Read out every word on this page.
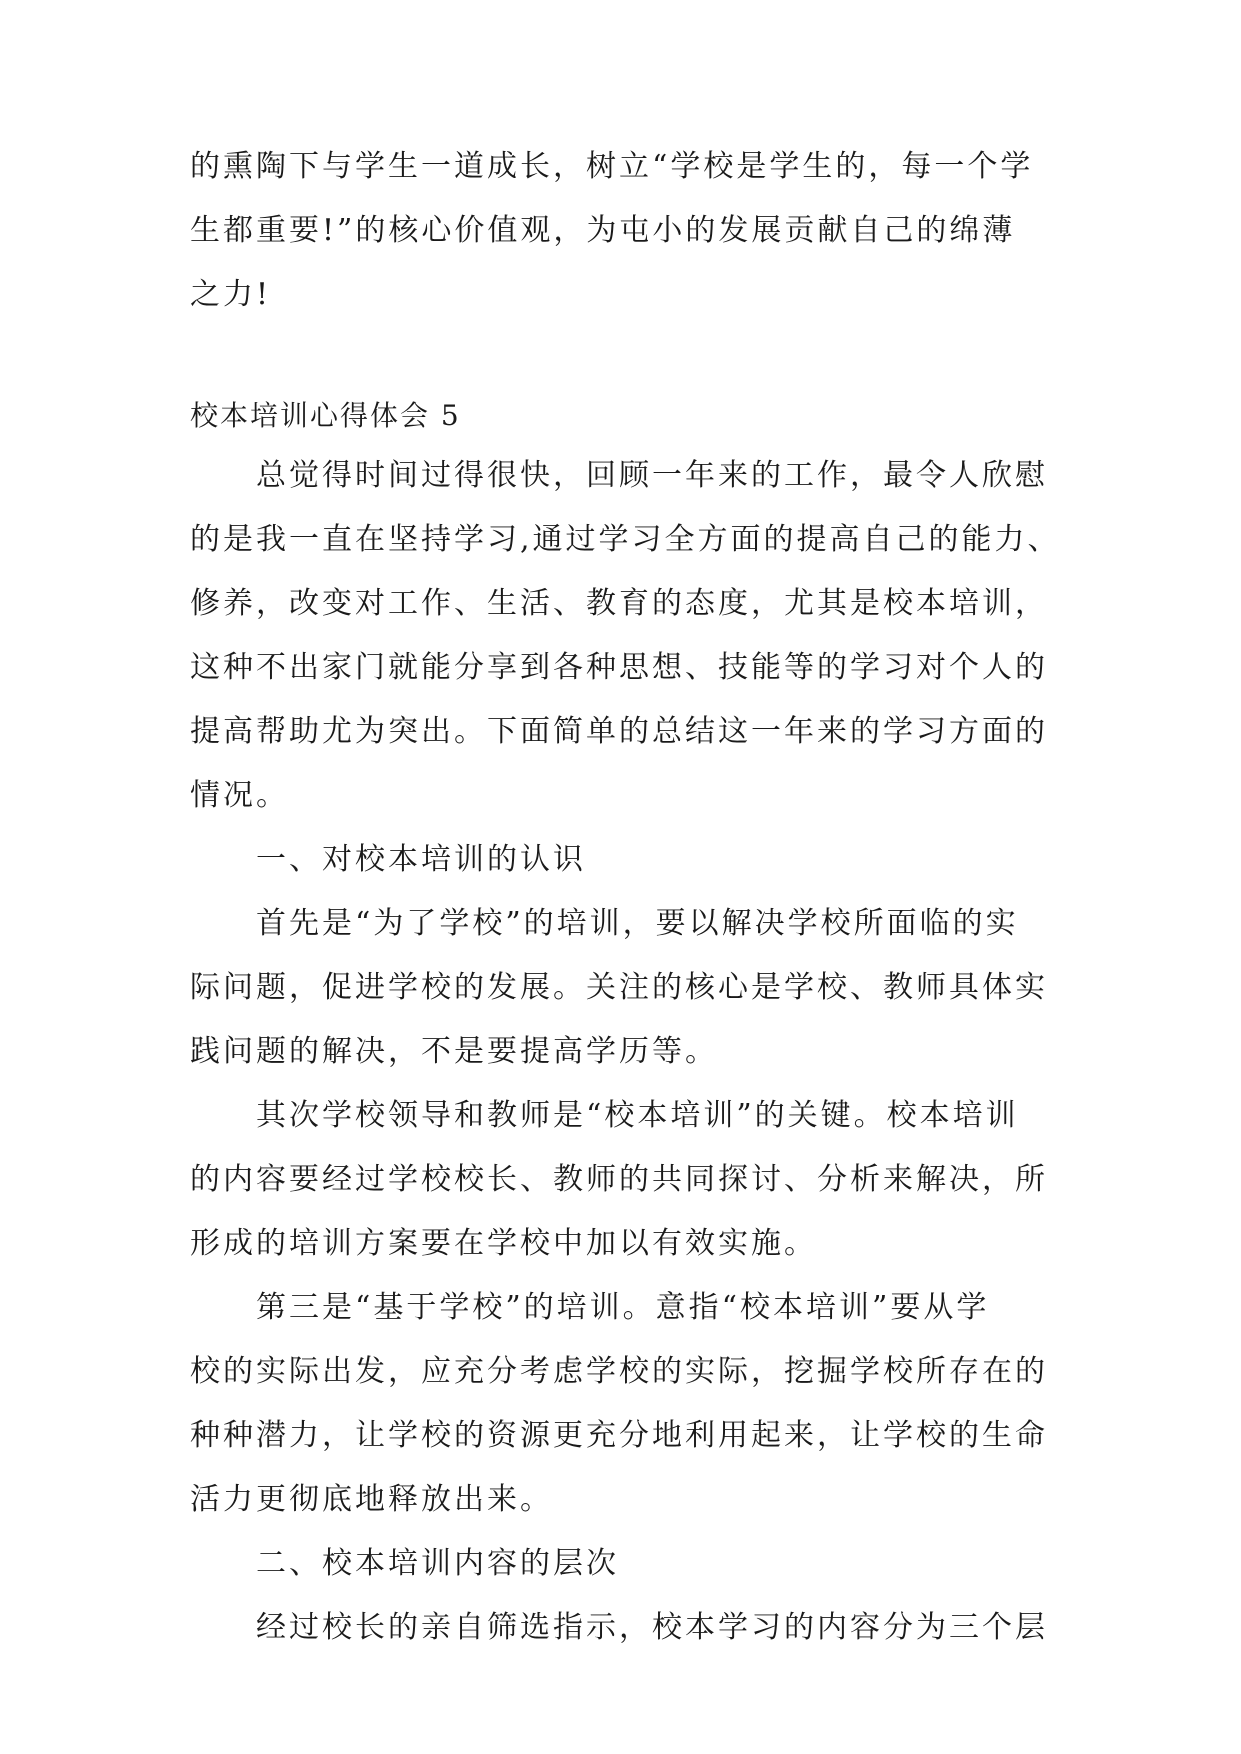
的熏陶下与学生一道成长，树立“学校是学生的，每一个学
生都重要!”的核心价值观，为屯小的发展贡献自己的绵薄
之力!
校本培训心得体会 5
总觉得时间过得很快，回顾一年来的工作，最令人欣慰
的是我一直在坚持学习,通过学习全方面的提高自己的能力、
修养，改变对工作、生活、教育的态度，尤其是校本培训，
这种不出家门就能分享到各种思想、技能等的学习对个人的
提高帮助尤为突出。下面简单的总结这一年来的学习方面的
情况。
一、对校本培训的认识
首先是“为了学校”的培训，要以解决学校所面临的实
际问题，促进学校的发展。关注的核心是学校、教师具体实
践问题的解决，不是要提高学历等。
其次学校领导和教师是“校本培训”的关键。校本培训
的内容要经过学校校长、教师的共同探讨、分析来解决，所
形成的培训方案要在学校中加以有效实施。
第三是“基于学校”的培训。意指“校本培训”要从学
校的实际出发，应充分考虑学校的实际，挖掘学校所存在的
种种潜力，让学校的资源更充分地利用起来，让学校的生命
活力更彻底地释放出来。
二、校本培训内容的层次
经过校长的亲自筛选指示，校本学习的内容分为三个层
